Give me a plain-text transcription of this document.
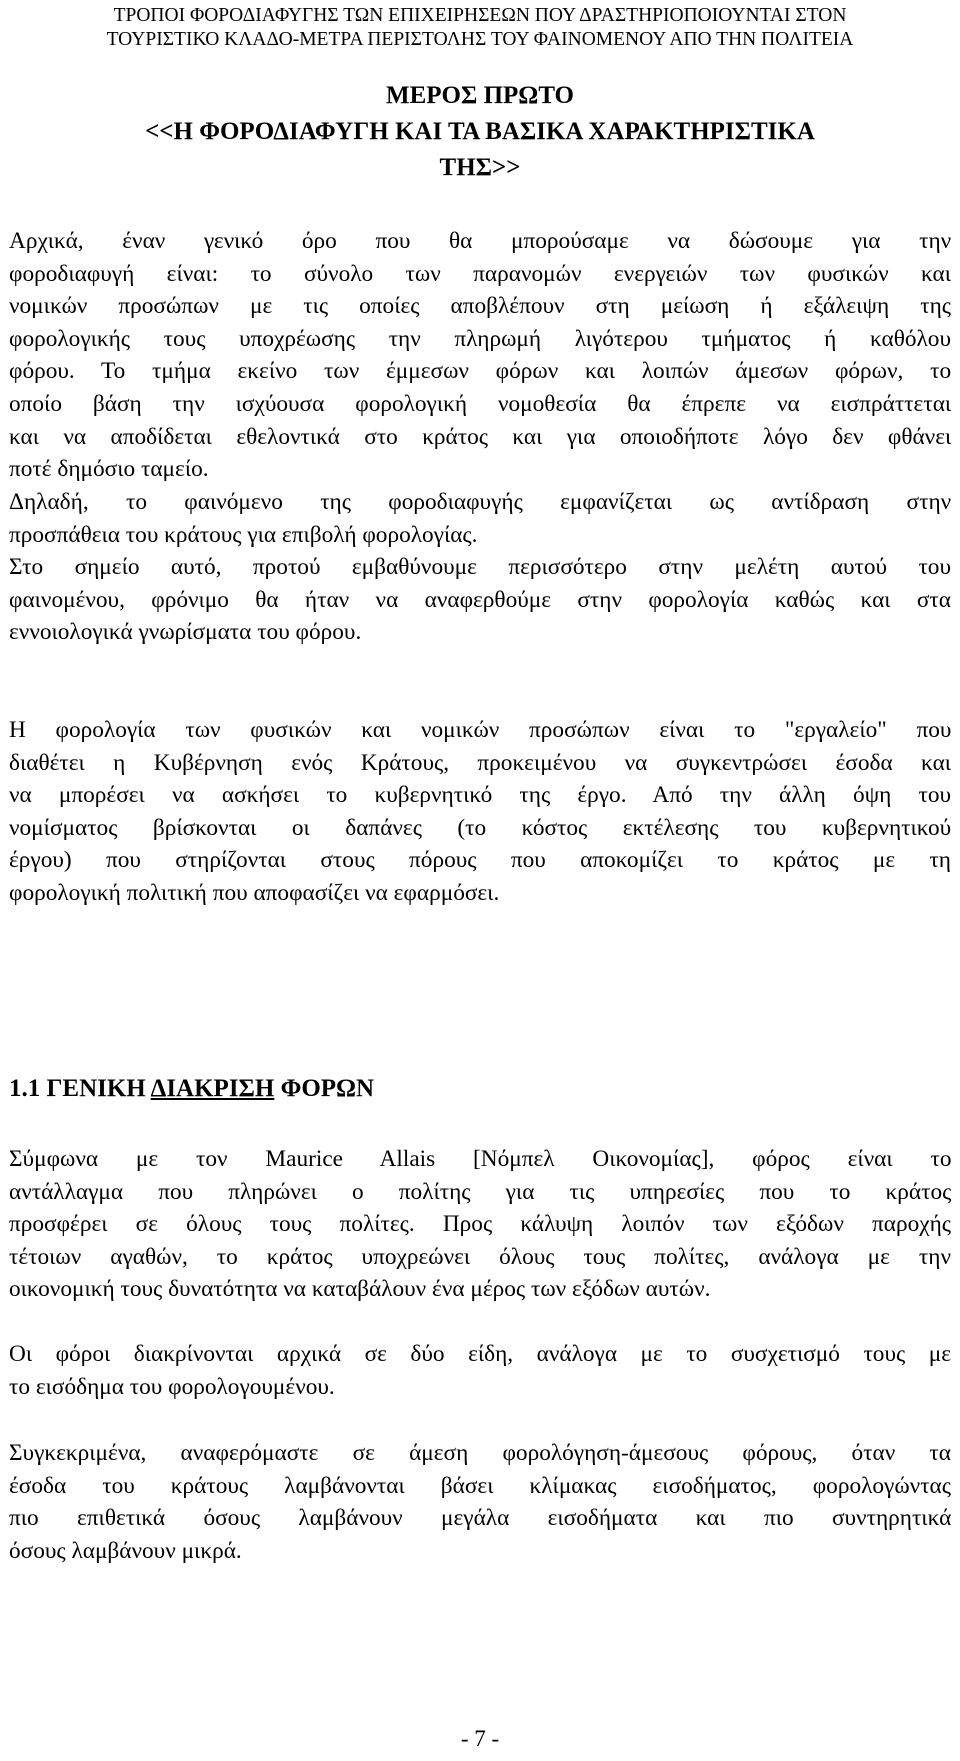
ΤΡΟΠΟΙ ΦΟΡΟΔΙΑΦΥΓΗΣ ΤΩΝ ΕΠΙΧΕΙΡΗΣΕΩΝ ΠΟΥ ΔΡΑΣΤΗΡΙΟΠΟΙΟΥΝΤΑΙ ΣΤΟΝ
ΤΟΥΡΙΣΤΙΚΟ ΚΛΑΔΟ-ΜΕΤΡΑ ΠΕΡΙΣΤΟΛΗΣ ΤΟΥ ΦΑΙΝΟΜΕΝΟΥ ΑΠΟ ΤΗΝ ΠΟΛΙΤΕΙΑ
ΜΕΡΟΣ ΠΡΩΤΟ
<<Η ΦΟΡΟΔΙΑΦΥΓΗ ΚΑΙ ΤΑ ΒΑΣΙΚΑ ΧΑΡΑΚΤΗΡΙΣΤΙΚΑ
ΤΗΣ>>
Αρχικά, έναν γενικό όρο που θα μπορούσαμε να δώσουμε για την
φοροδιαφυγή είναι: το σύνολο των παρανομών ενεργειών των φυσικών και
νομικών προσώπων με τις οποίες αποβλέπουν στη μείωση ή εξάλειψη της
φορολογικής τους υποχρέωσης την πληρωμή λιγότερου τμήματος ή καθόλου
φόρου. Το τμήμα εκείνο των έμμεσων φόρων και λοιπών άμεσων φόρων, το
οποίο βάση την ισχύουσα φορολογική νομοθεσία θα έπρεπε να εισπράττεται
και να αποδίδεται εθελοντικά στο κράτος και για οποιοδήποτε λόγο δεν φθάνει
ποτέ δημόσιο ταμείο.
Δηλαδή, το φαινόμενο της φοροδιαφυγής εμφανίζεται ως αντίδραση στην
προσπάθεια του κράτους για επιβολή φορολογίας.
Στο σημείο αυτό, προτού εμβαθύνουμε περισσότερο στην μελέτη αυτού του
φαινομένου, φρόνιμο θα ήταν να αναφερθούμε στην φορολογία καθώς και στα
εννοιολογικά γνωρίσματα του φόρου.
Η φορολογία των φυσικών και νομικών προσώπων είναι το "εργαλείο" που
διαθέτει η Κυβέρνηση ενός Κράτους, προκειμένου να συγκεντρώσει έσοδα και
να μπορέσει να ασκήσει το κυβερνητικό της έργο. Από την άλλη όψη του
νομίσματος βρίσκονται οι δαπάνες (το κόστος εκτέλεσης του κυβερνητικού
έργου) που στηρίζονται στους πόρους που αποκομίζει το κράτος με τη
φορολογική πολιτική που αποφασίζει να εφαρμόσει.
1.1 ΓΕΝΙΚΗ ΔΙΑΚΡΙΣΗ ΦΟΡΩΝ
Σύμφωνα με τον Maurice Allais [Νόμπελ Οικονομίας], φόρος είναι το
αντάλλαγμα που πληρώνει ο πολίτης για τις υπηρεσίες που το κράτος
προσφέρει σε όλους τους πολίτες. Προς κάλυψη λοιπόν των εξόδων παροχής
τέτοιων αγαθών, το κράτος υποχρεώνει όλους τους πολίτες, ανάλογα με την
οικονομική τους δυνατότητα να καταβάλουν ένα μέρος των εξόδων αυτών.
Οι φόροι διακρίνονται αρχικά σε δύο είδη, ανάλογα με το συσχετισμό τους με
το εισόδημα του φορολογουμένου.
Συγκεκριμένα, αναφερόμαστε σε άμεση φορολόγηση-άμεσους φόρους, όταν τα
έσοδα του κράτους λαμβάνονται βάσει κλίμακας εισοδήματος, φορολογώντας
πιο επιθετικά όσους λαμβάνουν μεγάλα εισοδήματα και πιο συντηρητικά
όσους λαμβάνουν μικρά.
- 7 -
